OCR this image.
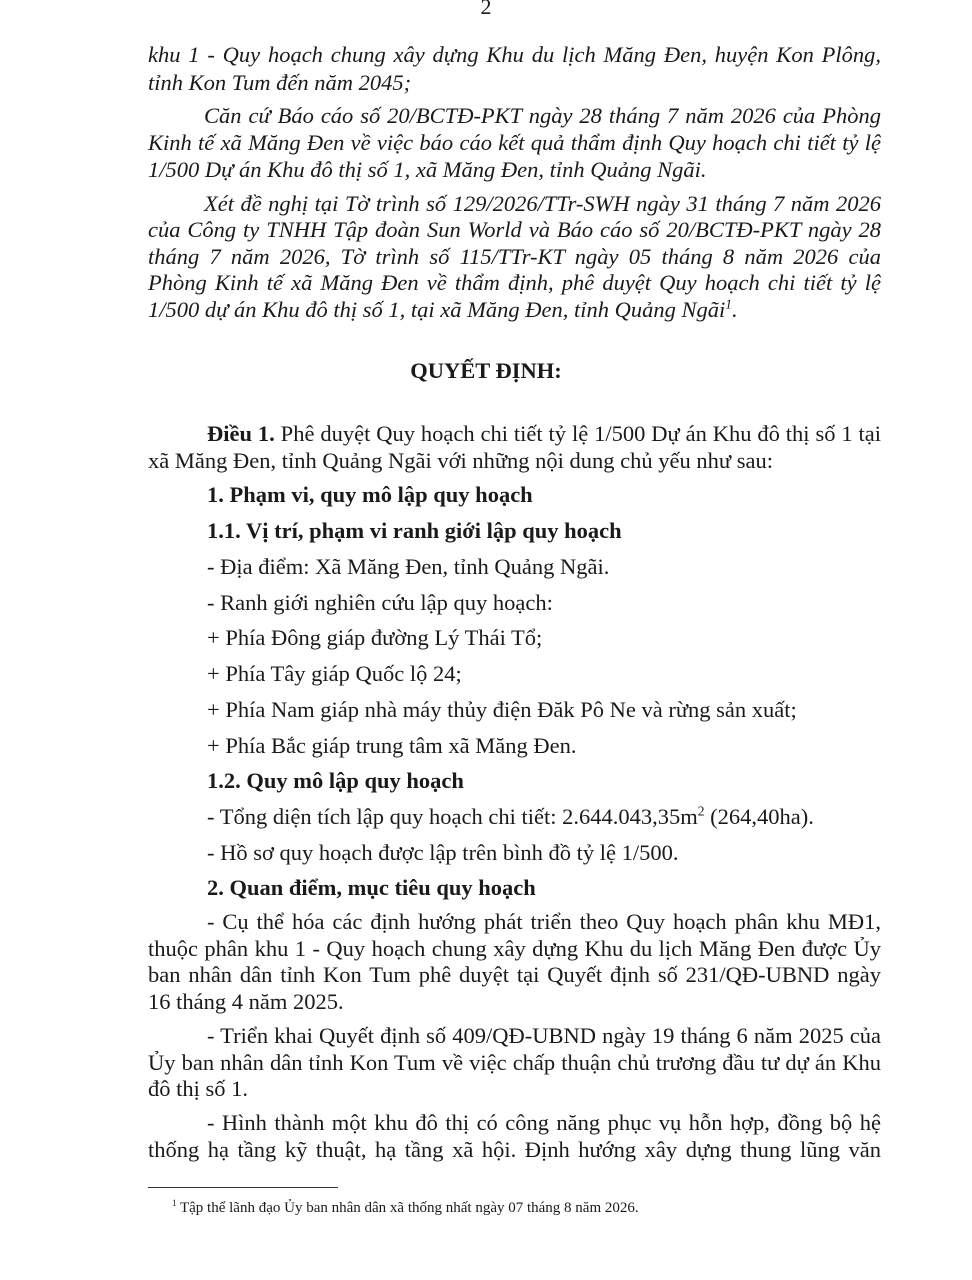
2
khu 1 - Quy hoạch chung xây dựng Khu du lịch Măng Đen, huyện Kon Plông,
tỉnh Kon Tum đến năm 2045;
Căn cứ Báo cáo số 20/BCTĐ-PKT ngày 28 tháng 7 năm 2026 của Phòng
Kinh tế xã Măng Đen về việc báo cáo kết quả thẩm định Quy hoạch chi tiết tỷ lệ
1/500 Dự án Khu đô thị số 1, xã Măng Đen, tỉnh Quảng Ngãi.
Xét đề nghị tại Tờ trình số 129/2026/TTr-SWH ngày 31 tháng 7 năm 2026
của Công ty TNHH Tập đoàn Sun World và Báo cáo số 20/BCTĐ-PKT ngày 28
tháng 7 năm 2026, Tờ trình số 115/TTr-KT ngày 05 tháng 8 năm 2026 của
Phòng Kinh tế xã Măng Đen về thẩm định, phê duyệt Quy hoạch chi tiết tỷ lệ
1/500 dự án Khu đô thị số 1, tại xã Măng Đen, tỉnh Quảng Ngãi$^1$.
QUYẾT ĐỊNH:
Điều 1. Phê duyệt Quy hoạch chi tiết tỷ lệ 1/500 Dự án Khu đô thị số 1 tại
xã Măng Đen, tỉnh Quảng Ngãi với những nội dung chủ yếu như sau:
1. Phạm vi, quy mô lập quy hoạch
1.1. Vị trí, phạm vi ranh giới lập quy hoạch
- Địa điểm: Xã Măng Đen, tỉnh Quảng Ngãi.
- Ranh giới nghiên cứu lập quy hoạch:
+ Phía Đông giáp đường Lý Thái Tổ;
+ Phía Tây giáp Quốc lộ 24;
+ Phía Nam giáp nhà máy thủy điện Đăk Pô Ne và rừng sản xuất;
+ Phía Bắc giáp trung tâm xã Măng Đen.
1.2. Quy mô lập quy hoạch
- Tổng diện tích lập quy hoạch chi tiết: $2.644.043,35m^2$ (264,40ha).
- Hồ sơ quy hoạch được lập trên bình đồ tỷ lệ 1/500.
2. Quan điểm, mục tiêu quy hoạch
- Cụ thể hóa các định hướng phát triển theo Quy hoạch phân khu MĐ1,
thuộc phân khu 1 - Quy hoạch chung xây dựng Khu du lịch Măng Đen được Ủy
ban nhân dân tỉnh Kon Tum phê duyệt tại Quyết định số 231/QĐ-UBND ngày
16 tháng 4 năm 2025.
- Triển khai Quyết định số 409/QĐ-UBND ngày 19 tháng 6 năm 2025 của
Ủy ban nhân dân tỉnh Kon Tum về việc chấp thuận chủ trương đầu tư dự án Khu
đô thị số 1.
- Hình thành một khu đô thị có công năng phục vụ hỗn hợp, đồng bộ hệ
thống hạ tầng kỹ thuật, hạ tầng xã hội. Định hướng xây dựng thung lũng văn
$^1$ Tập thể lãnh đạo Ủy ban nhân dân xã thống nhất ngày 07 tháng 8 năm 2026.
